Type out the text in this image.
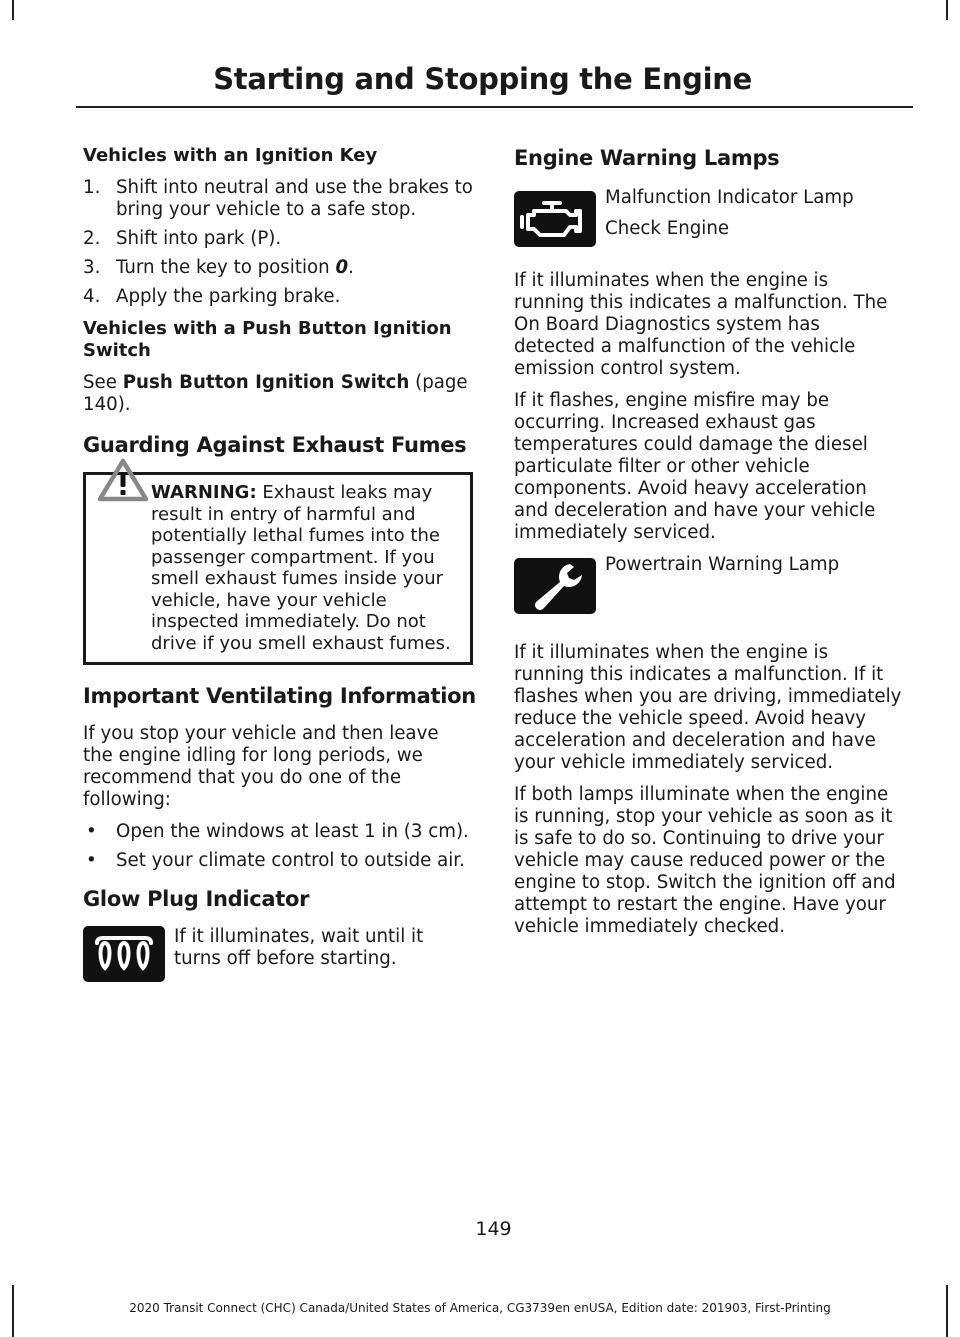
Starting and Stopping the Engine
Vehicles with an Ignition Key
1. Shift into neutral and use the brakes to bring your vehicle to a safe stop.
2. Shift into park (P).
3. Turn the key to position 0.
4. Apply the parking brake.
Vehicles with a Push Button Ignition Switch
See Push Button Ignition Switch (page 140).
Guarding Against Exhaust Fumes
WARNING: Exhaust leaks may result in entry of harmful and potentially lethal fumes into the passenger compartment. If you smell exhaust fumes inside your vehicle, have your vehicle inspected immediately. Do not drive if you smell exhaust fumes.
Important Ventilating Information
If you stop your vehicle and then leave the engine idling for long periods, we recommend that you do one of the following:
• Open the windows at least 1 in (3 cm).
• Set your climate control to outside air.
Glow Plug Indicator
If it illuminates, wait until it turns off before starting.
Engine Warning Lamps
Malfunction Indicator Lamp
Check Engine
If it illuminates when the engine is running this indicates a malfunction. The On Board Diagnostics system has detected a malfunction of the vehicle emission control system.
If it flashes, engine misfire may be occurring. Increased exhaust gas temperatures could damage the diesel particulate filter or other vehicle components. Avoid heavy acceleration and deceleration and have your vehicle immediately serviced.
Powertrain Warning Lamp
If it illuminates when the engine is running this indicates a malfunction. If it flashes when you are driving, immediately reduce the vehicle speed. Avoid heavy acceleration and deceleration and have your vehicle immediately serviced.
If both lamps illuminate when the engine is running, stop your vehicle as soon as it is safe to do so. Continuing to drive your vehicle may cause reduced power or the engine to stop. Switch the ignition off and attempt to restart the engine. Have your vehicle immediately checked.
149
2020 Transit Connect (CHC) Canada/United States of America, CG3739en enUSA, Edition date: 201903, First-Printing
